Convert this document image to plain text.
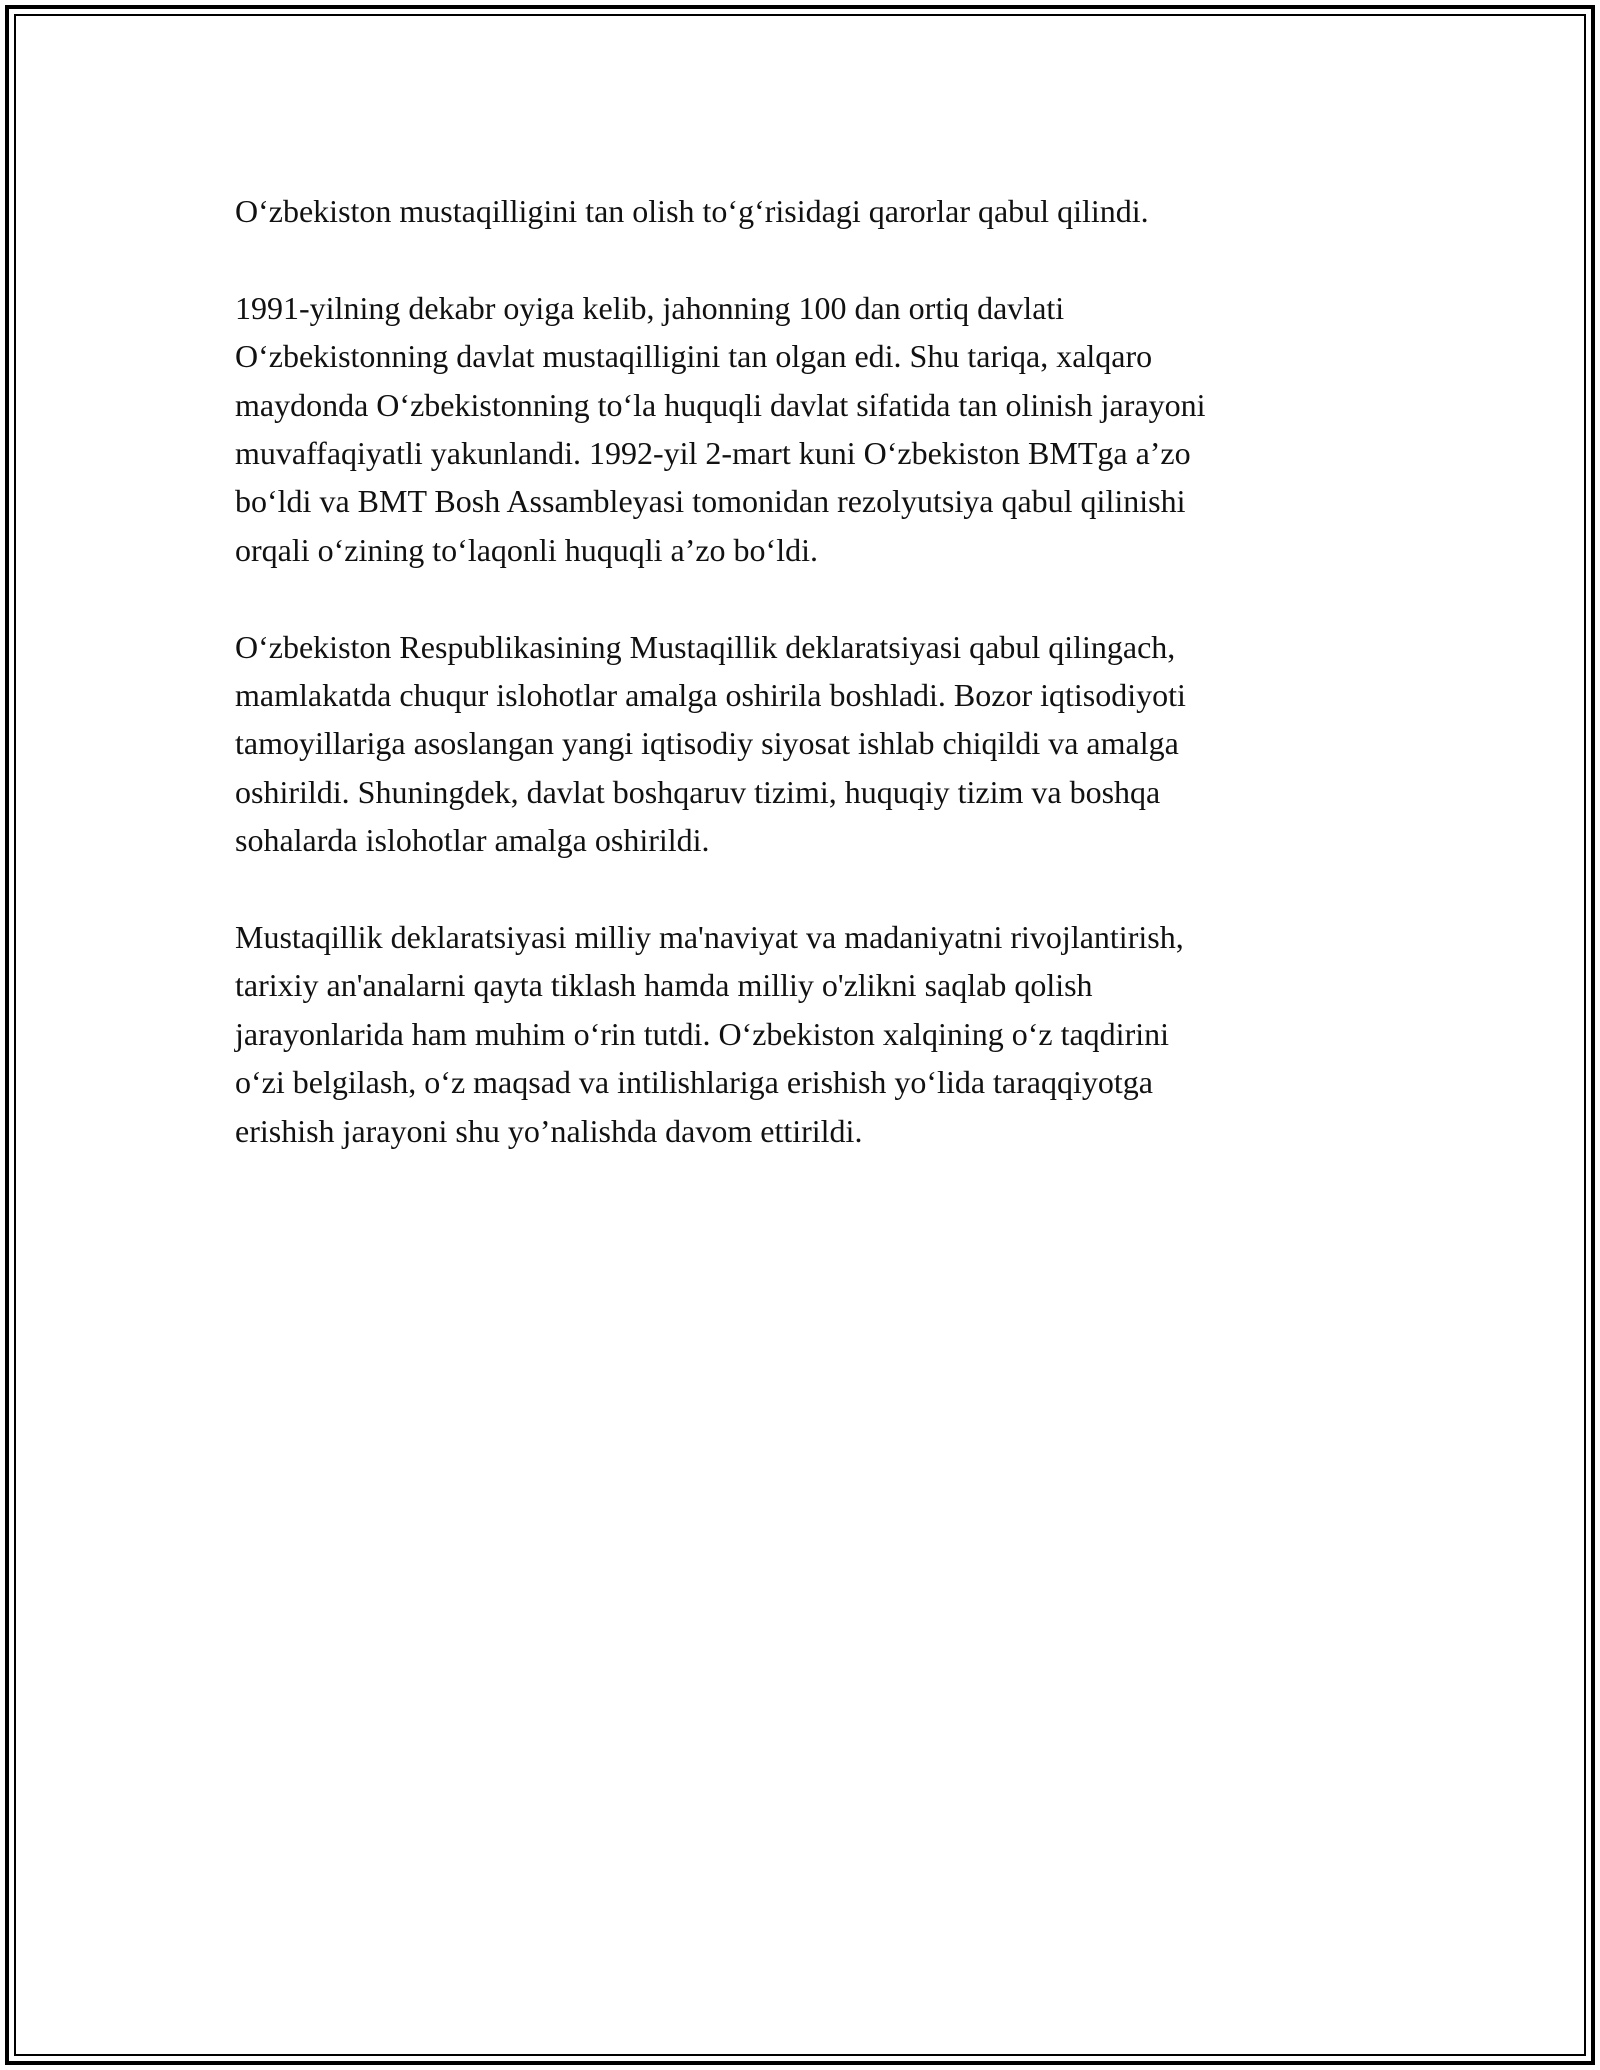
O‘zbekiston mustaqilligini tan olish to‘g‘risidagi qarorlar qabul qilindi.

1991-yilning dekabr oyiga kelib, jahonning 100 dan ortiq davlati
O‘zbekistonning davlat mustaqilligini tan olgan edi. Shu tariqa, xalqaro
maydonda O‘zbekistonning to‘la huquqli davlat sifatida tan olinish jarayoni
muvaffaqiyatli yakunlandi. 1992-yil 2-mart kuni O‘zbekiston BMTga a’zo
bo‘ldi va BMT Bosh Assambleyasi tomonidan rezolyutsiya qabul qilinishi
orqali o‘zining to‘laqonli huquqli a’zo bo‘ldi.

O‘zbekiston Respublikasining Mustaqillik deklaratsiyasi qabul qilingach,
mamlakatda chuqur islohotlar amalga oshirila boshladi. Bozor iqtisodiyoti
tamoyillariga asoslangan yangi iqtisodiy siyosat ishlab chiqildi va amalga
oshirildi. Shuningdek, davlat boshqaruv tizimi, huquqiy tizim va boshqa
sohalarda islohotlar amalga oshirildi.

Mustaqillik deklaratsiyasi milliy ma'naviyat va madaniyatni rivojlantirish,
tarixiy an'analarni qayta tiklash hamda milliy o'zlikni saqlab qolish
jarayonlarida ham muhim o‘rin tutdi. O‘zbekiston xalqining o‘z taqdirini
o‘zi belgilash, o‘z maqsad va intilishlariga erishish yo‘lida taraqqiyotga
erishish jarayoni shu yo’nalishda davom ettirildi.
